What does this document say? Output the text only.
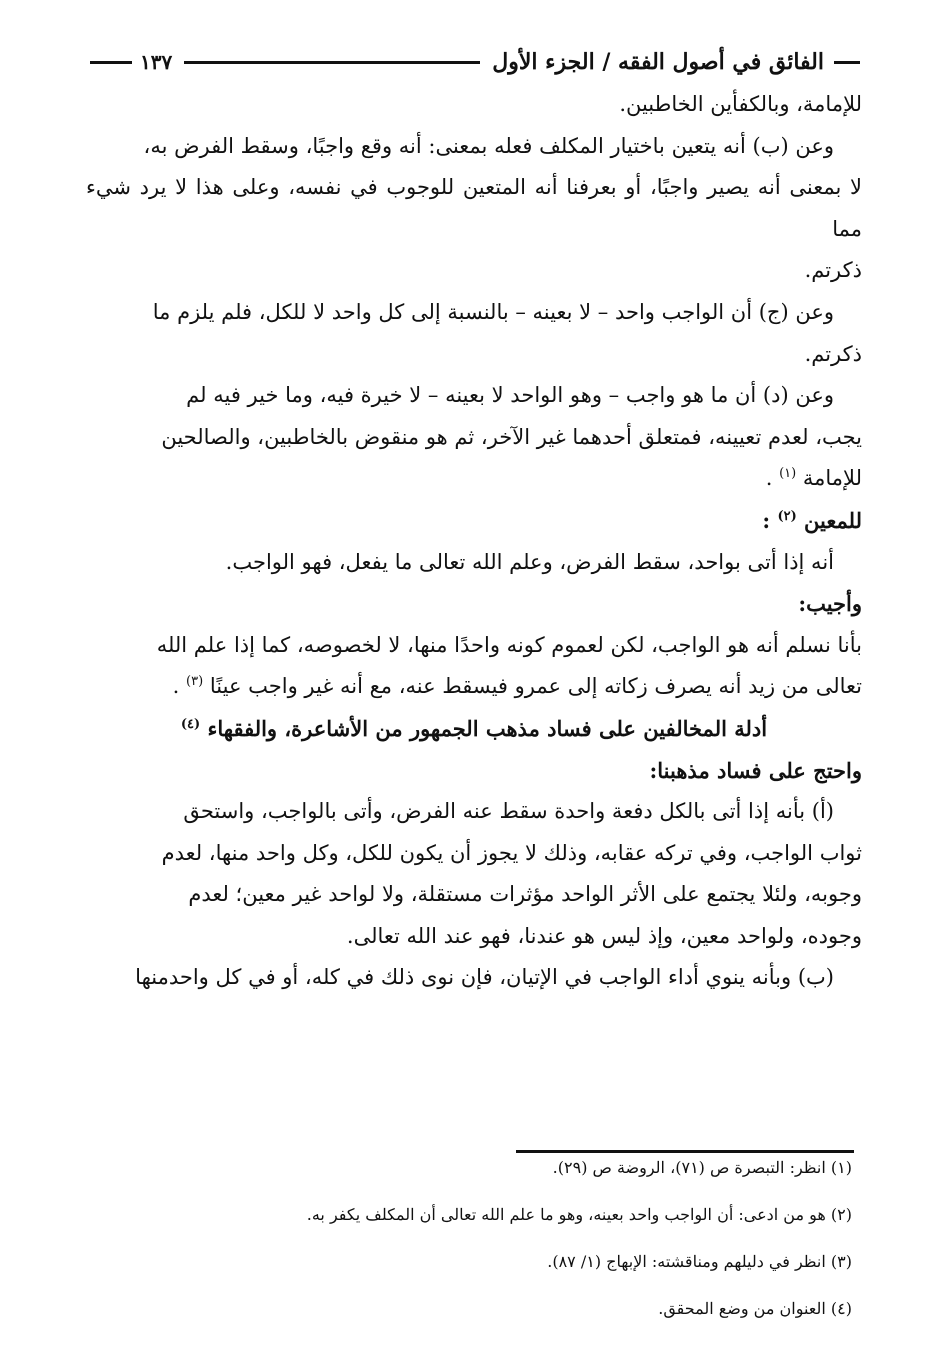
الفائق في أصول الفقه / الجزء الأول
١٣٧

للإمامة، وبالكفأين الخاطبين.

وعن (ب) أنه يتعين باختيار المكلف فعله بمعنى: أنه وقع واجبًا، وسقط الفرض به،

لا بمعنى أنه يصير واجبًا، أو بعرفنا أنه المتعين للوجوب في نفسه، وعلى هذا لا يرد شيء مما

ذكرتم.

وعن (ج) أن الواجب واحد – لا بعينه – بالنسبة إلى كل واحد لا للكل، فلم يلزم ما

ذكرتم.

وعن (د) أن ما هو واجب – وهو الواحد لا بعينه – لا خيرة فيه، وما خير فيه لم

يجب، لعدم تعيينه، فمتعلق أحدهما غير الآخر، ثم هو منقوض بالخاطبين، والصالحين

للإمامة $^{(١)}$ .

للمعين $^{(٢)}$ :

أنه إذا أتى بواحد، سقط الفرض، وعلم الله تعالى ما يفعل، فهو الواجب.

وأجيب:

بأنا نسلم أنه هو الواجب، لكن لعموم كونه واحدًا منها، لا لخصوصه، كما إذا علم الله

تعالى من زيد أنه يصرف زكاته إلى عمرو فيسقط عنه، مع أنه غير واجب عينًا $^{(٣)}$ .

أدلة المخالفين على فساد مذهب الجمهور من الأشاعرة، والفقهاء $^{(٤)}$

واحتج على فساد مذهبنا:

(أ) بأنه إذا أتى بالكل دفعة واحدة سقط عنه الفرض، وأتى بالواجب، واستحق

ثواب الواجب، وفي تركه عقابه، وذلك لا يجوز أن يكون للكل، وكل واحد منها، لعدم

وجوبه، ولئلا يجتمع على الأثر الواحد مؤثرات مستقلة، ولا لواحد غير معين؛ لعدم

وجوده، ولواحد معين، وإذ ليس هو عندنا، فهو عند الله تعالى.

(ب) وبأنه ينوي أداء الواجب في الإتيان، فإن نوى ذلك في كله، أو في كل واحدمنها

(١) انظر: التبصرة ص (٧١)، الروضة ص (٢٩).

(٢) هو من ادعى: أن الواجب واحد بعينه، وهو ما علم الله تعالى أن المكلف يكفر به.

(٣) انظر في دليلهم ومناقشته: الإبهاج (١/ ٨٧).

(٤) العنوان من وضع المحقق.
